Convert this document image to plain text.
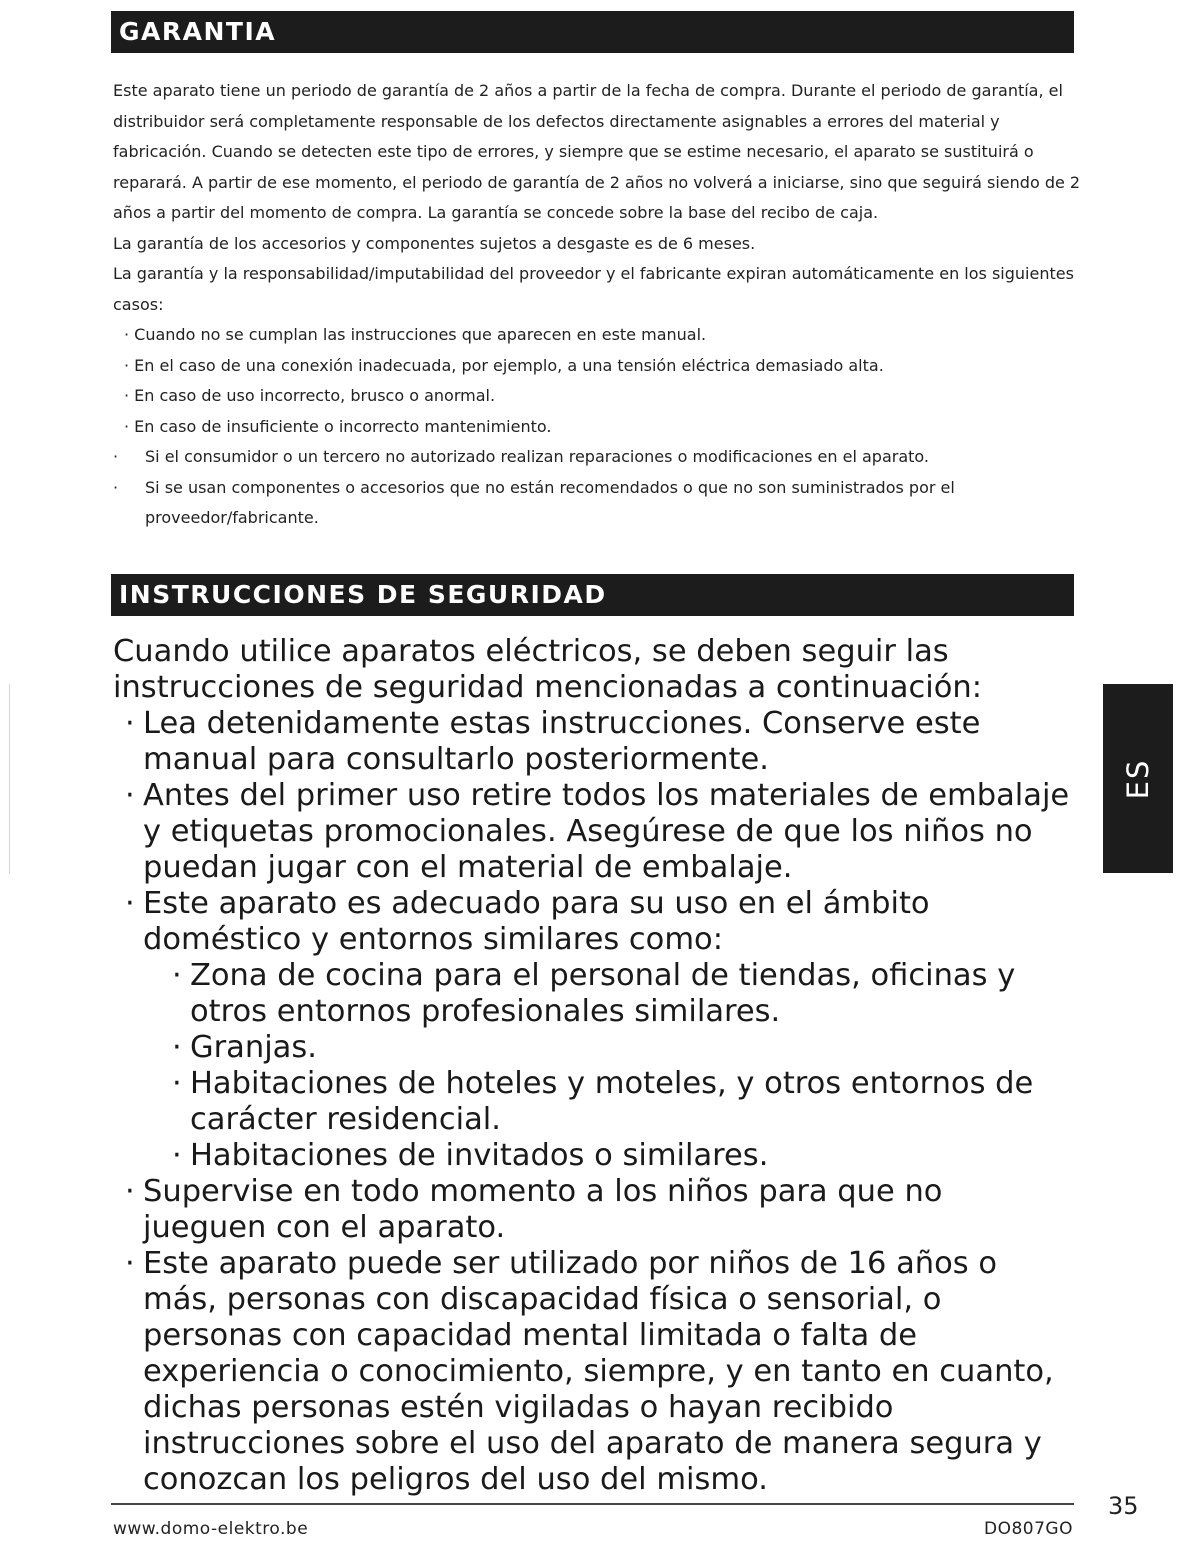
GARANTIA

Este aparato tiene un periodo de garantía de 2 años a partir de la fecha de compra. Durante el periodo de garantía, el distribuidor será completamente responsable de los defectos directamente asignables a errores del material y fabricación. Cuando se detecten este tipo de errores, y siempre que se estime necesario, el aparato se sustituirá o reparará. A partir de ese momento, el periodo de garantía de 2 años no volverá a iniciarse, sino que seguirá siendo de 2 años a partir del momento de compra. La garantía se concede sobre la base del recibo de caja.

La garantía de los accesorios y componentes sujetos a desgaste es de 6 meses.

La garantía y la responsabilidad/imputabilidad del proveedor y el fabricante expiran automáticamente en los siguientes casos:

· Cuando no se cumplan las instrucciones que aparecen en este manual.

· En el caso de una conexión inadecuada, por ejemplo, a una tensión eléctrica demasiado alta.

· En caso de uso incorrecto, brusco o anormal.

· En caso de insuficiente o incorrecto mantenimiento.

· Si el consumidor o un tercero no autorizado realizan reparaciones o modificaciones en el aparato.

· Si se usan componentes o accesorios que no están recomendados o que no son suministrados por el proveedor/fabricante.

INSTRUCCIONES DE SEGURIDAD

Cuando utilice aparatos eléctricos, se deben seguir las instrucciones de seguridad mencionadas a continuación:

· Lea detenidamente estas instrucciones. Conserve este manual para consultarlo posteriormente.

· Antes del primer uso retire todos los materiales de embalaje y etiquetas promocionales. Asegúrese de que los niños no puedan jugar con el material de embalaje.

· Este aparato es adecuado para su uso en el ámbito doméstico y entornos similares como:

· Zona de cocina para el personal de tiendas, oficinas y otros entornos profesionales similares.

· Granjas.

· Habitaciones de hoteles y moteles, y otros entornos de carácter residencial.

· Habitaciones de invitados o similares.

· Supervise en todo momento a los niños para que no jueguen con el aparato.

· Este aparato puede ser utilizado por niños de 16 años o más, personas con discapacidad física o sensorial, o personas con capacidad mental limitada o falta de experiencia o conocimiento, siempre, y en tanto en cuanto, dichas personas estén vigiladas o hayan recibido instrucciones sobre el uso del aparato de manera segura y conozcan los peligros del uso del mismo.

ES
35
www.domo-elektro.be	DO807GO
